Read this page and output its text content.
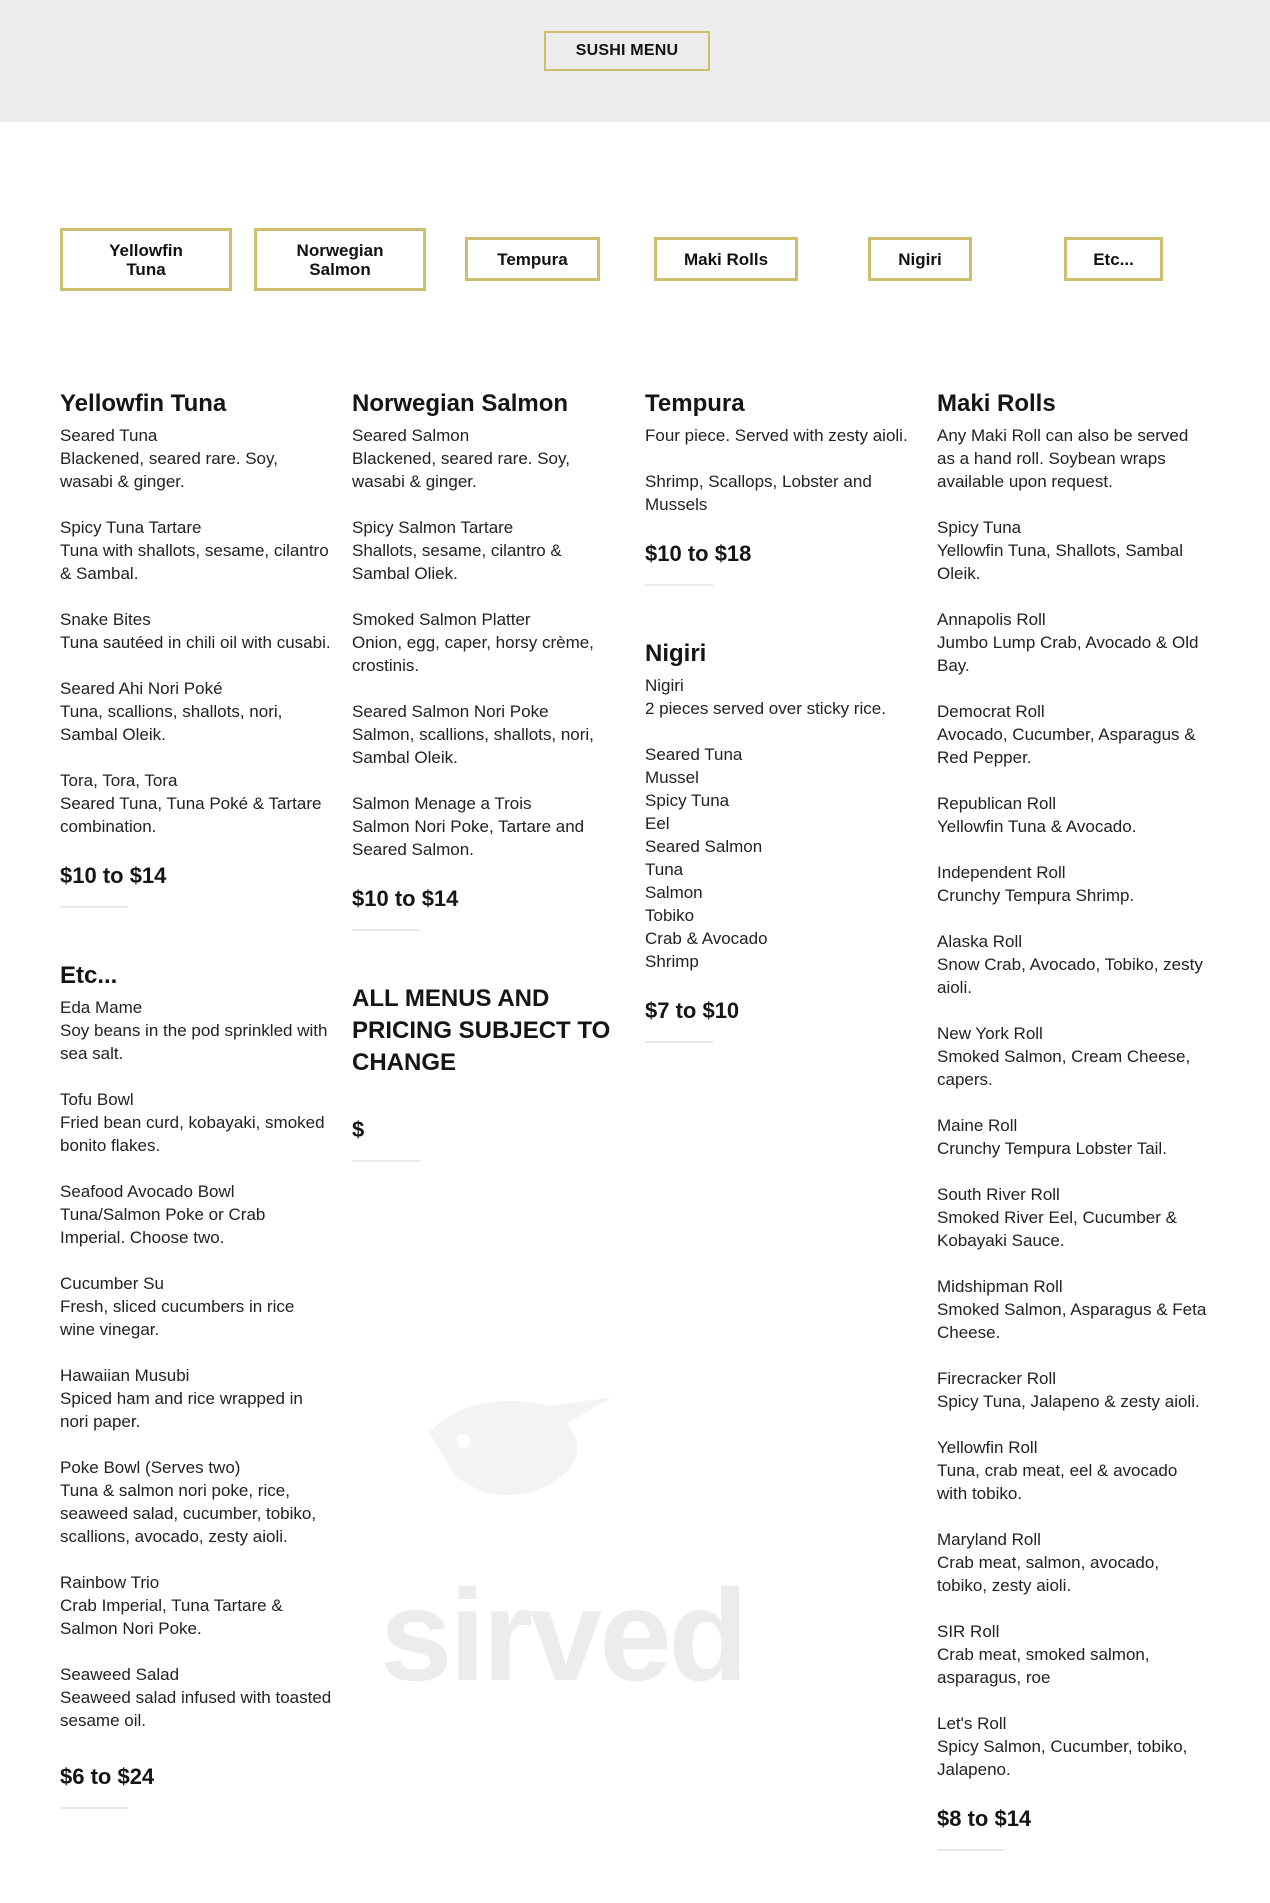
SUSHI MENU
Yellowfin Tuna
Norwegian Salmon
Tempura	Maki Rolls	Nigiri	Etc...
sirved
Yellowfin Tuna
Seared Tuna
Blackened, seared rare. Soy, wasabi & ginger.
Spicy Tuna Tartare
Tuna with shallots, sesame, cilantro & Sambal.
Snake Bites
Tuna sautéed in chili oil with cusabi.
Seared Ahi Nori Poké
Tuna, scallions, shallots, nori, Sambal Oleik.
Tora, Tora, Tora
Seared Tuna, Tuna Poké & Tartare combination.
$10 to $14
Etc...
Eda Mame
Soy beans in the pod sprinkled with sea salt.
Tofu Bowl
Fried bean curd, kobayaki, smoked bonito flakes.
Seafood Avocado Bowl
Tuna/Salmon Poke or Crab Imperial. Choose two.
Cucumber Su
Fresh, sliced cucumbers in rice wine vinegar.
Hawaiian Musubi
Spiced ham and rice wrapped in nori paper.
Poke Bowl (Serves two)
Tuna & salmon nori poke, rice, seaweed salad, cucumber, tobiko, scallions, avocado, zesty aioli.
Rainbow Trio
Crab Imperial, Tuna Tartare & Salmon Nori Poke.
Seaweed Salad
Seaweed salad infused with toasted sesame oil.
$6 to $24
Norwegian Salmon
Seared Salmon
Blackened, seared rare. Soy, wasabi & ginger.
Spicy Salmon Tartare
Shallots, sesame, cilantro & Sambal Oliek.
Smoked Salmon Platter
Onion, egg, caper, horsy crème, crostinis.
Seared Salmon Nori Poke
Salmon, scallions, shallots, nori, Sambal Oleik.
Salmon Menage a Trois
Salmon Nori Poke, Tartare and Seared Salmon.
$10 to $14
ALL MENUS AND PRICING SUBJECT TO CHANGE
$
Tempura
Four piece. Served with zesty aioli.
Shrimp, Scallops, Lobster and Mussels
$10 to $18
Nigiri
Nigiri
2 pieces served over sticky rice.
Seared Tuna
Mussel
Spicy Tuna
Eel
Seared Salmon
Tuna
Salmon
Tobiko
Crab & Avocado
Shrimp
$7 to $10
Maki Rolls
Any Maki Roll can also be served as a hand roll. Soybean wraps available upon request.
Spicy Tuna
Yellowfin Tuna, Shallots, Sambal Oleik.
Annapolis Roll
Jumbo Lump Crab, Avocado & Old Bay.
Democrat Roll
Avocado, Cucumber, Asparagus & Red Pepper.
Republican Roll
Yellowfin Tuna & Avocado.
Independent Roll
Crunchy Tempura Shrimp.
Alaska Roll
Snow Crab, Avocado, Tobiko, zesty aioli.
New York Roll
Smoked Salmon, Cream Cheese, capers.
Maine Roll
Crunchy Tempura Lobster Tail.
South River Roll
Smoked River Eel, Cucumber & Kobayaki Sauce.
Midshipman Roll
Smoked Salmon, Asparagus & Feta Cheese.
Firecracker Roll
Spicy Tuna, Jalapeno & zesty aioli.
Yellowfin Roll
Tuna, crab meat, eel & avocado with tobiko.
Maryland Roll
Crab meat, salmon, avocado, tobiko, zesty aioli.
SIR Roll
Crab meat, smoked salmon, asparagus, roe
Let's Roll
Spicy Salmon, Cucumber, tobiko, Jalapeno.
$8 to $14
